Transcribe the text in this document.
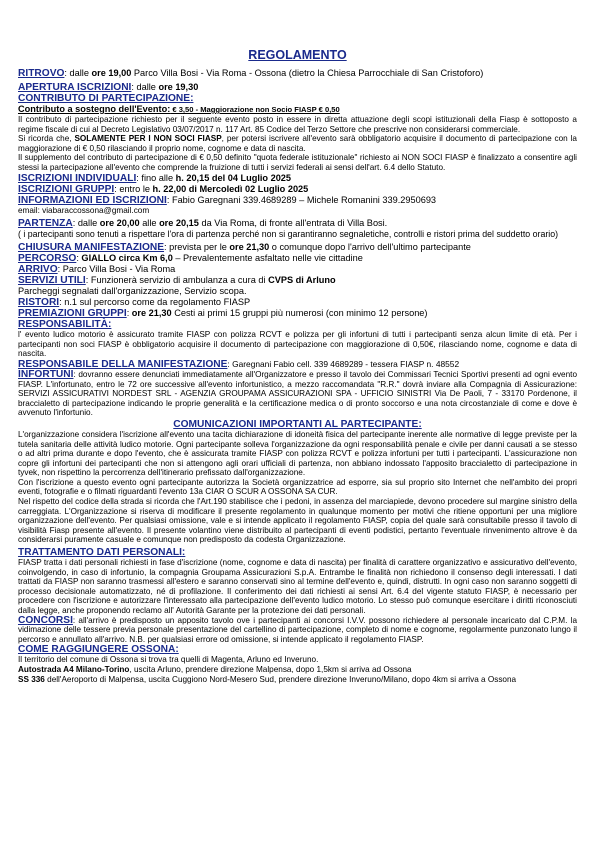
REGOLAMENTO

RITROVO: dalle ore 19,00 Parco Villa Bosi - Via Roma - Ossona (dietro la Chiesa Parrocchiale di San Cristoforo)

APERTURA ISCRIZIONI: dalle ore 19,30

CONTRIBUTO DI PARTECIPAZIONE:

Contributo a sostegno dell'Evento: € 3,50 - Maggiorazione non Socio FIASP € 0,50

Il contributo di partecipazione richiesto per il seguente evento posto in essere in diretta attuazione degli scopi istituzionali della Fiasp è sottoposto a regime fiscale di cui al Decreto Legislativo 03/07/2017 n. 117 Art. 85 Codice del Terzo Settore che prescrive non considerarsi commerciale.

Si ricorda che, SOLAMENTE PER I NON SOCI FIASP, per potersi iscrivere all'evento sarà obbligatorio acquisire il documento di partecipazione con la maggiorazione di € 0,50 rilasciando il proprio nome, cognome e data di nascita.

Il supplemento del contributo di partecipazione di € 0,50 definito "quota federale istituzionale" richiesto ai NON SOCI FIASP è finalizzato a consentire agli stessi la partecipazione all'evento che comprende la fruizione di tutti i servizi federali ai sensi dell'art. 6.4 dello Statuto.

ISCRIZIONI INDIVIDUALI: fino alle h. 20,15 del 04 Luglio 2025

ISCRIZIONI GRUPPI: entro le h. 22,00 di Mercoledì 02 Luglio 2025

INFORMAZIONI ED ISCRIZIONI: Fabio Garegnani 339.4689289 – Michele Romanini 339.2950693

email: viabaraccossona@gmail.com

PARTENZA: dalle ore 20,00 alle ore 20,15 da Via Roma, di fronte all'entrata di Villa Bosi.

( i partecipanti sono tenuti a rispettare l'ora di partenza perché non si garantiranno segnaletiche, controlli e ristori prima del suddetto orario)

CHIUSURA MANIFESTAZIONE: prevista per le ore 21,30 o comunque dopo l'arrivo dell'ultimo partecipante

PERCORSO: GIALLO circa Km 6,0 – Prevalentemente asfaltato nelle vie cittadine

ARRIVO: Parco Villa Bosi - Via Roma

SERVIZI UTILI: Funzionerà servizio di ambulanza a cura di CVPS di Arluno

Parcheggi segnalati dall'organizzazione, Servizio scopa.

RISTORI: n.1 sul percorso come da regolamento FIASP

PREMIAZIONI GRUPPI: ore 21,30 Cesti ai primi 15 gruppi più numerosi (con minimo 12 persone)

RESPONSABILITÀ:

l' evento ludico motorio è assicurato tramite FIASP con polizza RCVT e polizza per gli infortuni di tutti i partecipanti senza alcun limite di età. Per i partecipanti non soci FIASP è obbligatorio acquisire il documento di partecipazione con maggiorazione di 0,50€, rilasciando nome, cognome e data di nascita.

RESPONSABILE DELLA MANIFESTAZIONE: Garegnani Fabio cell. 339 4689289 - tessera FIASP n. 48552

INFORTUNI: dovranno essere denunciati immediatamente all'Organizzatore e presso il tavolo dei Commissari Tecnici Sportivi presenti ad ogni evento FIASP. L'infortunato, entro le 72 ore successive all'evento infortunistico, a mezzo raccomandata "R.R." dovrà inviare alla Compagnia di Assicurazione: SERVIZI ASSICURATIVI NORDEST SRL - AGENZIA GROUPAMA ASSICURAZIONI SPA - UFFICIO SINISTRI Via De Paoli, 7 - 33170 Pordenone, il braccialetto di partecipazione indicando le proprie generalità e la certificazione medica o di pronto soccorso e una nota circostanziale di come e dove è avvenuto l'infortunio.

COMUNICAZIONI IMPORTANTI AL PARTECIPANTE:

L'organizzazione considera l'iscrizione all'evento una tacita dichiarazione di idoneità fisica del partecipante inerente alle normative di legge previste per la tutela sanitaria delle attività ludico motorie. Ogni partecipante solleva l'organizzazione da ogni responsabilità penale e civile per danni causati a se stesso o ad altri prima durante e dopo l'evento, che è assicurata tramite FIASP con polizza RCVT e polizza infortuni per tutti i partecipanti. L'assicurazione non copre gli infortuni dei partecipanti che non si attengono agli orari ufficiali di partenza, non abbiano indossato l'apposito braccialetto di partecipazione in tyvek, non rispettino la percorrenza dell'itinerario prefissato dall'organizzazione.

Con l'iscrizione a questo evento ogni partecipante autorizza la Società organizzatrice ad esporre, sia sul proprio sito Internet che nell'ambito dei propri eventi, fotografie e o filmati riguardanti l'evento 13a CIAR O SCUR A OSSONA SA CUR.

Nel rispetto del codice della strada si ricorda che l'Art.190 stabilisce che i pedoni, in assenza del marciapiede, devono procedere sul margine sinistro della carreggiata. L'Organizzazione si riserva di modificare il presente regolamento in qualunque momento per motivi che ritiene opportuni per una migliore organizzazione dell'evento. Per qualsiasi omissione, vale e si intende applicato il regolamento FIASP, copia del quale sarà consultabile presso il tavolo di visibilità Fiasp presente all'evento. Il presente volantino viene distribuito al partecipanti di eventi podistici, pertanto l'eventuale rinvenimento altrove è da considerarsi puramente casuale e comunque non predisposto da codesta Organizzazione.

TRATTAMENTO DATI PERSONALI:

FIASP tratta i dati personali richiesti in fase d'iscrizione (nome, cognome e data di nascita) per finalità di carattere organizzativo e assicurativo dell'evento, coinvolgendo, in caso di infortunio, la compagnia Groupama Assicurazioni S.p.A. Entrambe le finalità non richiedono il consenso degli interessati. I dati trattati da FIASP non saranno trasmessi all'estero e saranno conservati sino al termine dell'evento e, quindi, distrutti. In ogni caso non saranno soggetti di processo decisionale automatizzato, né di profilazione. Il conferimento dei dati richiesti ai sensi Art. 6.4 del vigente statuto FIASP, è necessario per procedere con l'iscrizione e autorizzare l'interessato alla partecipazione dell'evento ludico motorio. Lo stesso può comunque esercitare i diritti riconosciuti dalla legge, anche proponendo reclamo all' Autorità Garante per la protezione dei dati personali.

CONCORSI: all'arrivo è predisposto un apposito tavolo ove i partecipanti ai concorsi I.V.V. possono richiedere al personale incaricato dal C.P.M. la vidimazione delle tessere previa personale presentazione del cartellino di partecipazione, completo di nome e cognome, regolarmente punzonato lungo il percorso e annullato all'arrivo. N.B. per qualsiasi errore od omissione, si intende applicato il regolamento FIASP.

COME RAGGIUNGERE OSSONA:

Il territorio del comune di Ossona si trova tra quelli di Magenta, Arluno ed Inveruno.

Autostrada A4 Milano-Torino, uscita Arluno, prendere direzione Malpensa, dopo 1,5km si arriva ad Ossona

SS 336 dell'Aeroporto di Malpensa, uscita Cuggiono Nord-Mesero Sud, prendere direzione Inveruno/Milano, dopo 4km si arriva a Ossona
